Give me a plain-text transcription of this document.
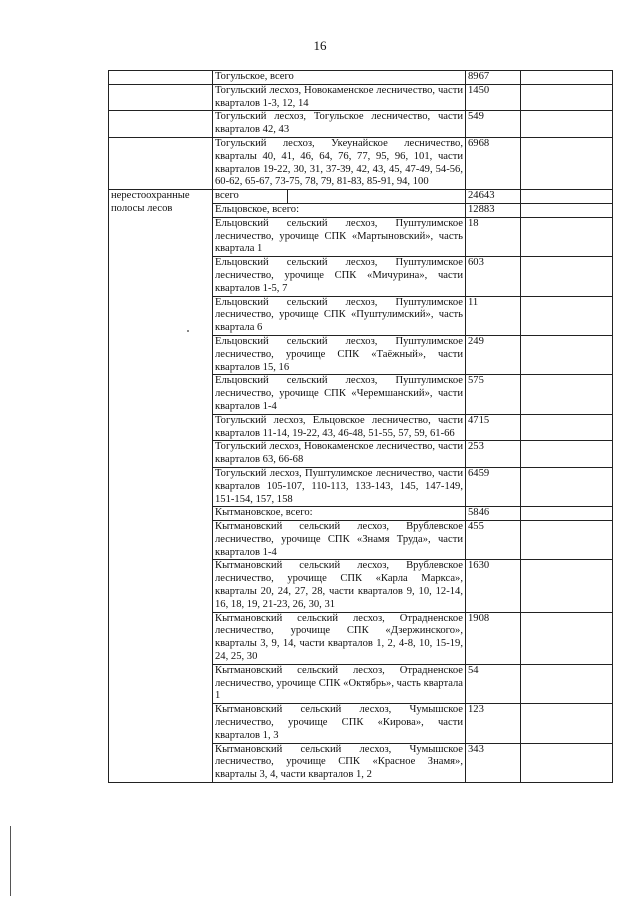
16
	Тогульское, всего	8967	
	Тогульский лесхоз, Новокаменское лесничество, части кварталов 1-3, 12, 14	1450	
	Тогульский лесхоз, Тогульское лесничество, части кварталов 42, 43	549	
	Тогульский лесхоз, Укеунайское лесничество, кварталы 40, 41, 46, 64, 76, 77, 95, 96, 101, части кварталов 19-22, 30, 31, 37-39, 42, 43, 45, 47-49, 54-56, 60-62, 65-67, 73-75, 78, 79, 81-83, 85-91, 94, 100	6968	
нерестоохранные полосы лесов	всего	24643	
	Ельцовское, всего:	12883	
	Ельцовский сельский лесхоз, Пуштулимское лесничество, урочище СПК «Мартыновский», часть квартала 1	18	
	Ельцовский сельский лесхоз, Пуштулимское лесничество, урочище СПК «Мичурина», части кварталов 1-5, 7	603	
	Ельцовский сельский лесхоз, Пуштулимское лесничество, урочище СПК «Пуштулимский», часть квартала 6	11	
	Ельцовский сельский лесхоз, Пуштулимское лесничество, урочище СПК «Таёжный», части кварталов 15, 16	249	
	Ельцовский сельский лесхоз, Пуштулимское лесничество, урочище СПК «Черемшанский», части кварталов 1-4	575	
	Тогульский лесхоз, Ельцовское лесничество, части кварталов 11-14, 19-22, 43, 46-48, 51-55, 57, 59, 61-66	4715	
	Тогульский лесхоз, Новокаменское лесничество, части кварталов 63, 66-68	253	
	Тогульский лесхоз, Пуштулимское лесничество, части кварталов 105-107, 110-113, 133-143, 145, 147-149, 151-154, 157, 158	6459	
	Кытмановское, всего:	5846	
	Кытмановский сельский лесхоз, Врублевское лесничество, урочище СПК «Знамя Труда», части кварталов 1-4	455	
	Кытмановский сельский лесхоз, Врублевское лесничество, урочище СПК «Карла Маркса», кварталы 20, 24, 27, 28, части кварталов 9, 10, 12-14, 16, 18, 19, 21-23, 26, 30, 31	1630	
	Кытмановский сельский лесхоз, Отрадненское лесничество, урочище СПК «Дзержинского», кварталы 3, 9, 14, части кварталов 1, 2, 4-8, 10, 15-19, 24, 25, 30	1908	
	Кытмановский сельский лесхоз, Отрадненское лесничество, урочище СПК «Октябрь», часть квартала 1	54	
	Кытмановский сельский лесхоз, Чумышское лесничество, урочище СПК «Кирова», части кварталов 1, 3	123	
	Кытмановский сельский лесхоз, Чумышское лесничество, урочище СПК «Красное Знамя», кварталы 3, 4, части кварталов 1, 2	343	
